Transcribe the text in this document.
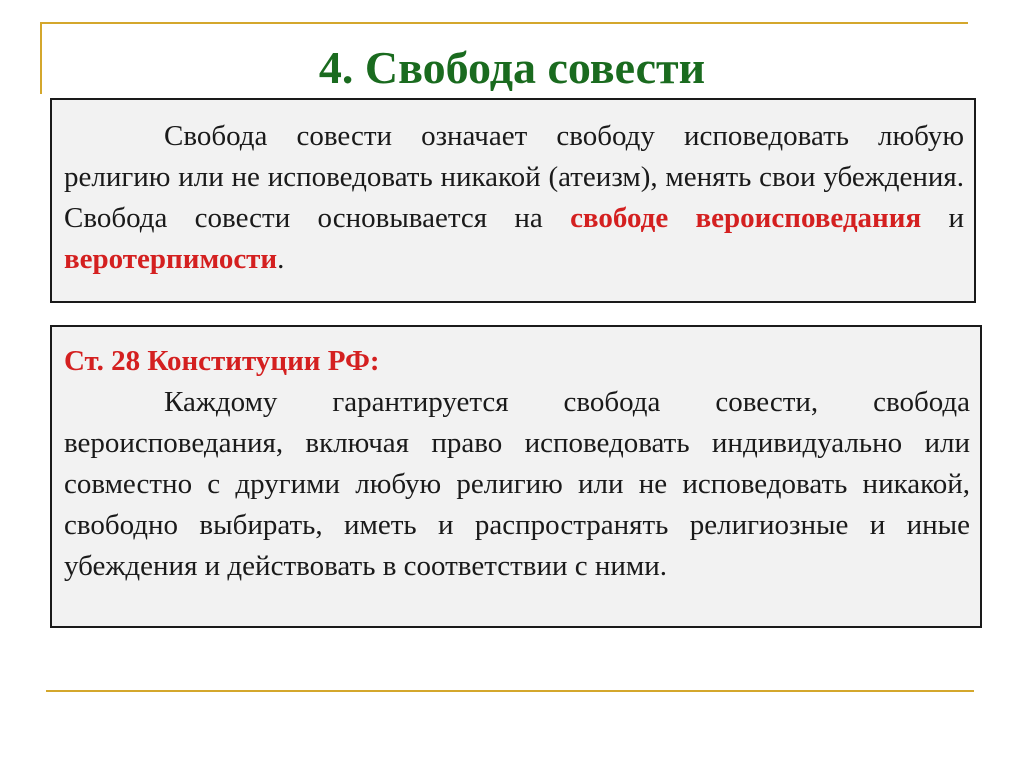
4. Свобода совести

Свобода совести означает свободу исповедовать любую религию или не исповедовать никакой (атеизм), менять свои убеждения. Свобода совести основывается на свободе вероисповедания и веротерпимости.

Ст. 28 Конституции РФ:

Каждому гарантируется свобода совести, свобода вероисповедания, включая право исповедовать индивидуально или совместно с другими любую религию или не исповедовать никакой, свободно выбирать, иметь и распространять религиозные и иные убеждения и действовать в соответствии с ними.
